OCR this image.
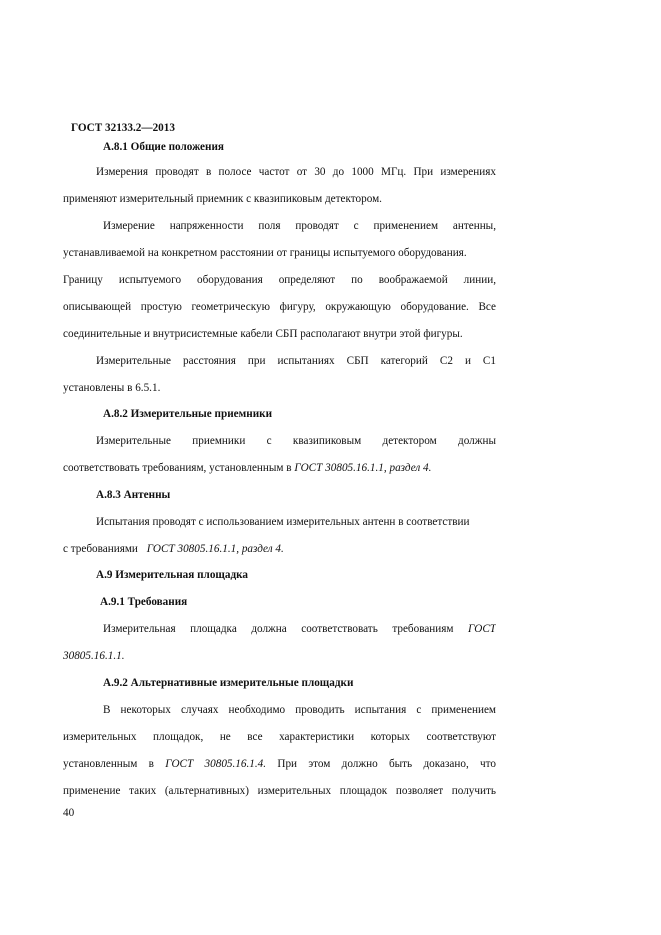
ГОСТ 32133.2—2013
А.8.1 Общие положения
Измерения проводят в полосе частот от 30 до 1000 МГц. При измерениях
применяют измерительный приемник с квазипиковым детектором.
Измерение напряженности поля проводят с применением антенны,
устанавливаемой на конкретном расстоянии от границы испытуемого оборудования.
Границу испытуемого оборудования определяют по воображаемой линии,
описывающей простую геометрическую фигуру, окружающую оборудование. Все
соединительные и внутрисистемные кабели СБП располагают внутри этой фигуры.
Измерительные расстояния при испытаниях СБП категорий С2 и С1
установлены в 6.5.1.
А.8.2 Измерительные приемники
Измерительные приемники с квазипиковым детектором должны
соответствовать требованиям, установленным в ГОСТ 30805.16.1.1, раздел 4.
А.8.3 Антенны
Испытания проводят с использованием измерительных антенн в соответствии
с требованиями ГОСТ 30805.16.1.1, раздел 4.
А.9 Измерительная площадка
А.9.1 Требования
Измерительная площадка должна соответствовать требованиям ГОСТ
30805.16.1.1.
А.9.2 Альтернативные измерительные площадки
В некоторых случаях необходимо проводить испытания с применением
измерительных площадок, не все характеристики которых соответствуют
установленным в ГОСТ 30805.16.1.4. При этом должно быть доказано, что
применение таких (альтернативных) измерительных площадок позволяет получить
40
